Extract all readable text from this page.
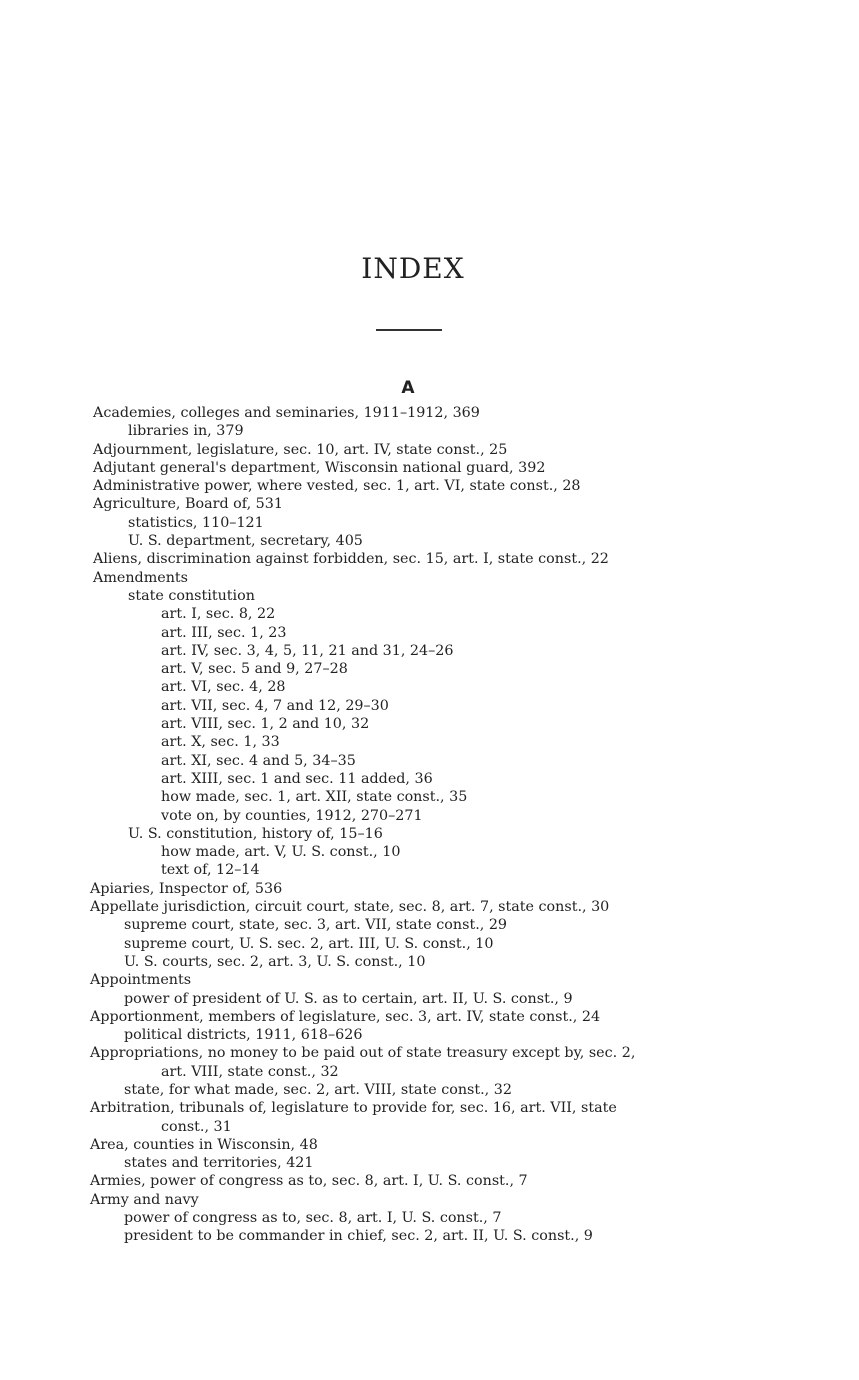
INDEX
A
Academies, colleges and seminaries, 1911–1912, 369
libraries in, 379
Adjournment, legislature, sec. 10, art. IV, state const., 25
Adjutant general's department, Wisconsin national guard, 392
Administrative power, where vested, sec. 1, art. VI, state const., 28
Agriculture, Board of, 531
statistics, 110–121
U. S. department, secretary, 405
Aliens, discrimination against forbidden, sec. 15, art. I, state const., 22
Amendments
state constitution
art. I, sec. 8, 22
art. III, sec. 1, 23
art. IV, sec. 3, 4, 5, 11, 21 and 31, 24–26
art. V, sec. 5 and 9, 27–28
art. VI, sec. 4, 28
art. VII, sec. 4, 7 and 12, 29–30
art. VIII, sec. 1, 2 and 10, 32
art. X, sec. 1, 33
art. XI, sec. 4 and 5, 34–35
art. XIII, sec. 1 and sec. 11 added, 36
how made, sec. 1, art. XII, state const., 35
vote on, by counties, 1912, 270–271
U. S. constitution, history of, 15–16
how made, art. V, U. S. const., 10
text of, 12–14
Apiaries, Inspector of, 536
Appellate jurisdiction, circuit court, state, sec. 8, art. 7, state const., 30
supreme court, state, sec. 3, art. VII, state const., 29
supreme court, U. S. sec. 2, art. III, U. S. const., 10
U. S. courts, sec. 2, art. 3, U. S. const., 10
Appointments
power of president of U. S. as to certain, art. II, U. S. const., 9
Apportionment, members of legislature, sec. 3, art. IV, state const., 24
political districts, 1911, 618–626
Appropriations, no money to be paid out of state treasury except by, sec. 2,
art. VIII, state const., 32
state, for what made, sec. 2, art. VIII, state const., 32
Arbitration, tribunals of, legislature to provide for, sec. 16, art. VII, state
const., 31
Area, counties in Wisconsin, 48
states and territories, 421
Armies, power of congress as to, sec. 8, art. I, U. S. const., 7
Army and navy
power of congress as to, sec. 8, art. I, U. S. const., 7
president to be commander in chief, sec. 2, art. II, U. S. const., 9
